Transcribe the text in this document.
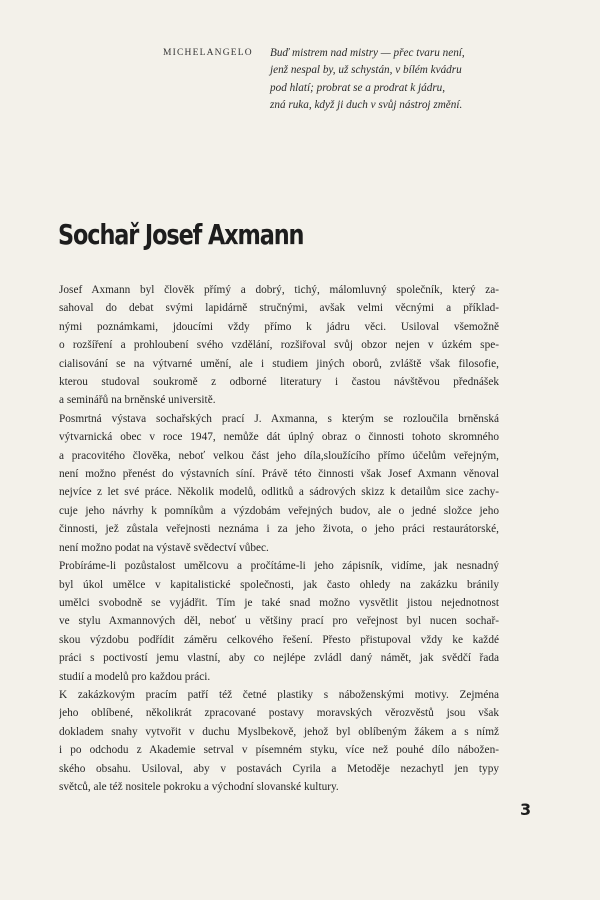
MICHELANGELO Buď mistrem nad mistry — přec tvaru není,
jenž nespal by, už schystán, v bílém kvádru
pod hlatí; probrat se a prodrat k jádru,
zná ruka, když ji duch v svůj nástroj změní.
Sochař Josef Axmann
Josef Axmann byl člověk přímý a dobrý, tichý, málomluvný společník, který za-
sahoval do debat svými lapidárně stručnými, avšak velmi věcnými a příklad-
nými poznámkami, jdoucími vždy přímo k jádru věci. Usiloval všemožně
o rozšíření a prohloubení svého vzdělání, rozšiřoval svůj obzor nejen v úzkém spe-
cialisování se na výtvarné umění, ale i studiem jiných oborů, zvláště však filosofie,
kterou studoval soukromě z odborné literatury i častou návštěvou přednášek
a seminářů na brněnské universitě.
Posmrtná výstava sochařských prací J. Axmanna, s kterým se rozloučila brněnská
výtvarnická obec v roce 1947, nemůže dát úplný obraz o činnosti tohoto skromného
a pracovitého člověka, neboť velkou část jeho díla,sloužícího přímo účelům veřejným,
není možno přenést do výstavních síní. Právě této činnosti však Josef Axmann věnoval
nejvíce z let své práce. Několik modelů, odlitků a sádrových skizz k detailům sice zachy-
cuje jeho návrhy k pomníkům a výzdobám veřejných budov, ale o jedné složce jeho
činnosti, jež zůstala veřejnosti neznáma i za jeho života, o jeho práci restaurátorské,
není možno podat na výstavě svědectví vůbec.
Probíráme-li pozůstalost umělcovu a pročítáme-li jeho zápisník, vidíme, jak nesnadný
byl úkol umělce v kapitalistické společnosti, jak často ohledy na zakázku bránily
umělci svobodně se vyjádřit. Tím je také snad možno vysvětlit jistou nejednotnost
ve stylu Axmannových děl, neboť u většiny prací pro veřejnost byl nucen sochař-
skou výzdobu podřídit záměru celkového řešení. Přesto přistupoval vždy ke každé
práci s poctivostí jemu vlastní, aby co nejlépe zvládl daný námět, jak svědčí řada
studií a modelů pro každou práci.
K zakázkovým pracím patří též četné plastiky s náboženskými motivy. Zejména
jeho oblíbené, několikrát zpracované postavy moravských věrozvěstů jsou však
dokladem snahy vytvořit v duchu Myslbekově, jehož byl oblíbeným žákem a s nímž
i po odchodu z Akademie setrval v písemném styku, více než pouhé dílo nábožen-
ského obsahu. Usiloval, aby v postavách Cyrila a Metoděje nezachytl jen typy
světců, ale též nositele pokroku a východní slovanské kultury.
3
